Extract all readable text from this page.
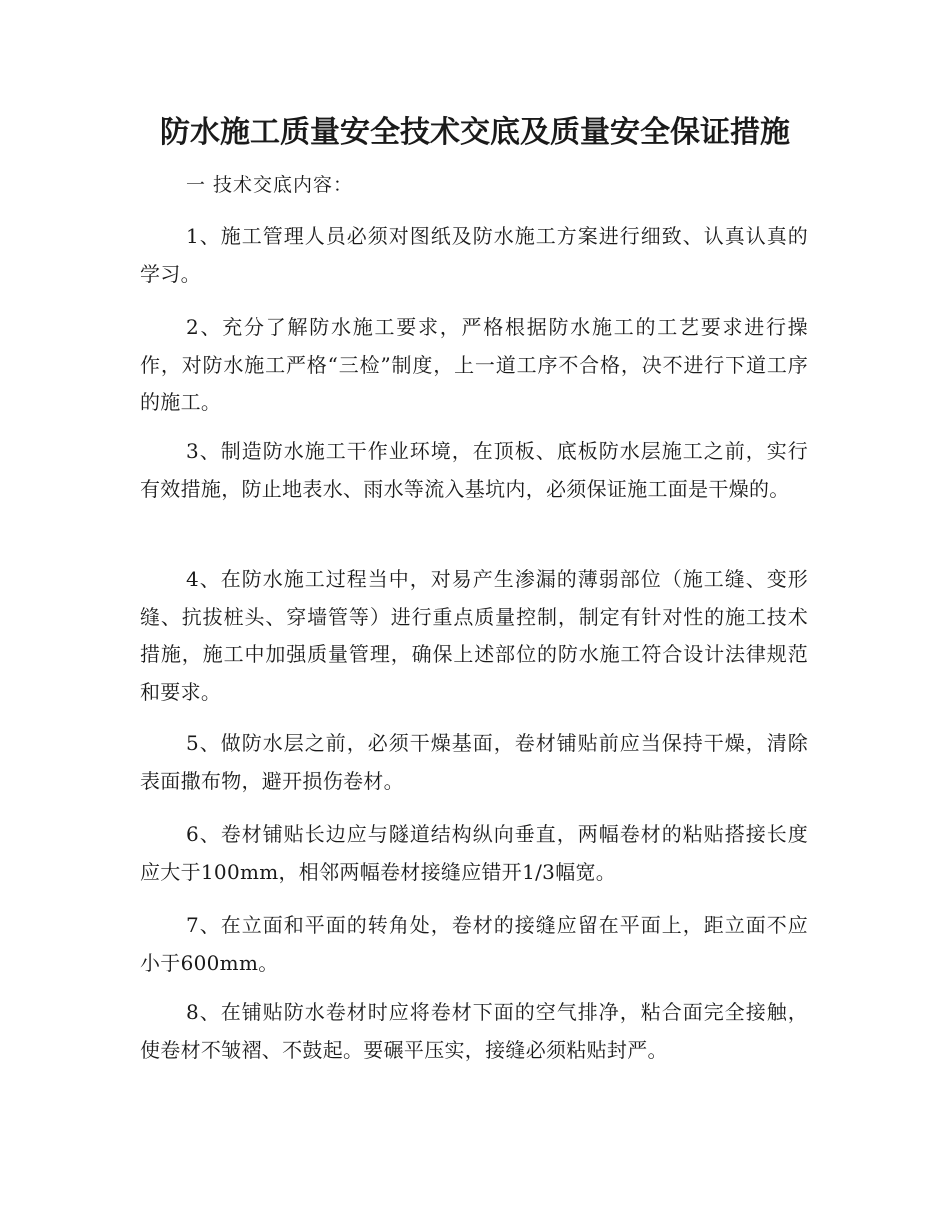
防水施工质量安全技术交底及质量安全保证措施

一 技术交底内容：

1、施工管理人员必须对图纸及防水施工方案进行细致、认真认真的学习。

2、充分了解防水施工要求，严格根据防水施工的工艺要求进行操作，对防水施工严格“三检”制度，上一道工序不合格，决不进行下道工序的施工。

3、制造防水施工干作业环境，在顶板、底板防水层施工之前，实行有效措施，防止地表水、雨水等流入基坑内，必须保证施工面是干燥的。

4、在防水施工过程当中，对易产生渗漏的薄弱部位（施工缝、变形缝、抗拔桩头、穿墙管等）进行重点质量控制，制定有针对性的施工技术措施，施工中加强质量管理，确保上述部位的防水施工符合设计法律规范和要求。

5、做防水层之前，必须干燥基面，卷材铺贴前应当保持干燥，清除表面撒布物，避开损伤卷材。

6、卷材铺贴长边应与隧道结构纵向垂直，两幅卷材的粘贴搭接长度应大于100mm，相邻两幅卷材接缝应错开1/3幅宽。

7、在立面和平面的转角处，卷材的接缝应留在平面上，距立面不应小于600mm。

8、在铺贴防水卷材时应将卷材下面的空气排净，粘合面完全接触，使卷材不皱褶、不鼓起。要碾平压实，接缝必须粘贴封严。
